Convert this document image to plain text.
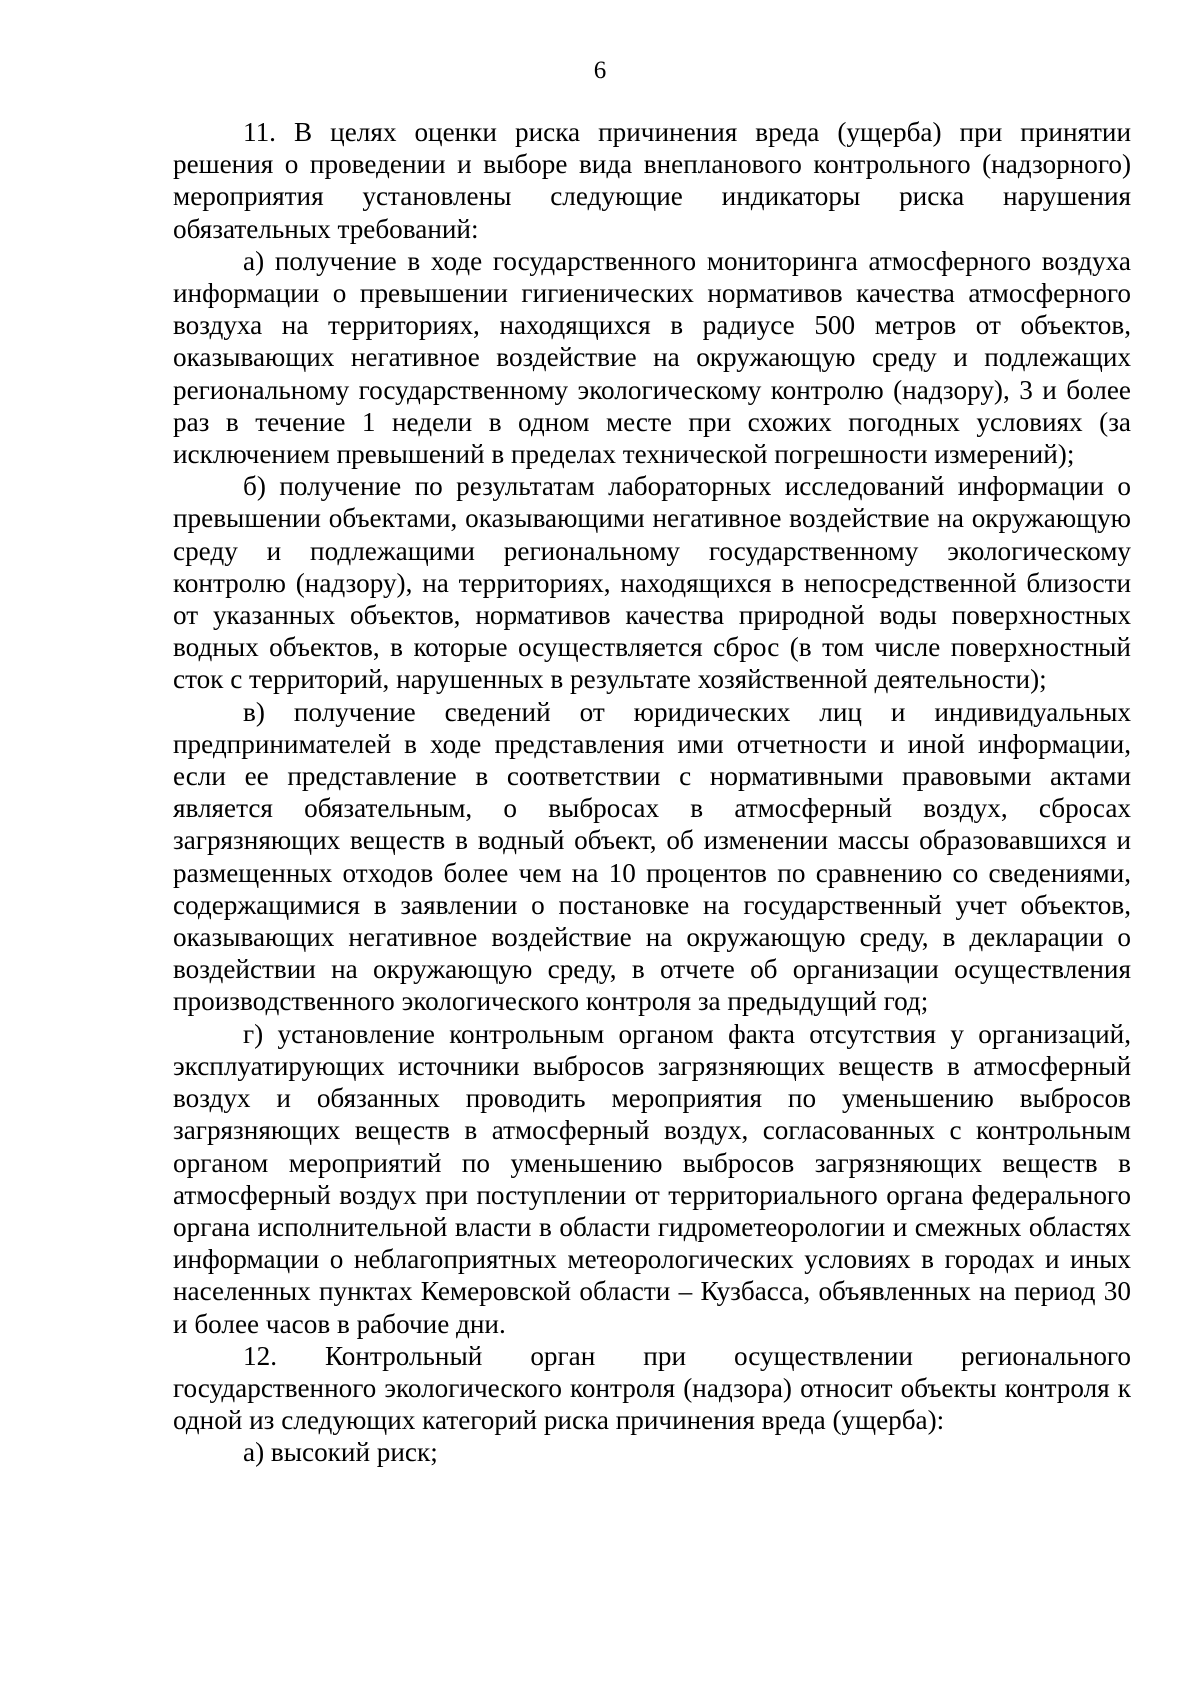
6

11. В целях оценки риска причинения вреда (ущерба) при принятии решения о проведении и выборе вида внепланового контрольного (надзорного) мероприятия установлены следующие индикаторы риска нарушения обязательных требований:

а) получение в ходе государственного мониторинга атмосферного воздуха информации о превышении гигиенических нормативов качества атмосферного воздуха на территориях, находящихся в радиусе 500 метров от объектов, оказывающих негативное воздействие на окружающую среду и подлежащих региональному государственному экологическому контролю (надзору), 3 и более раз в течение 1 недели в одном месте при схожих погодных условиях (за исключением превышений в пределах технической погрешности измерений);

б) получение по результатам лабораторных исследований информации о превышении объектами, оказывающими негативное воздействие на окружающую среду и подлежащими региональному государственному экологическому контролю (надзору), на территориях, находящихся в непосредственной близости от указанных объектов, нормативов качества природной воды поверхностных водных объектов, в которые осуществляется сброс (в том числе поверхностный сток с территорий, нарушенных в результате хозяйственной деятельности);

в) получение сведений от юридических лиц и индивидуальных предпринимателей в ходе представления ими отчетности и иной информации, если ее представление в соответствии с нормативными правовыми актами является обязательным, о выбросах в атмосферный воздух, сбросах загрязняющих веществ в водный объект, об изменении массы образовавшихся и размещенных отходов более чем на 10 процентов по сравнению со сведениями, содержащимися в заявлении о постановке на государственный учет объектов, оказывающих негативное воздействие на окружающую среду, в декларации о воздействии на окружающую среду, в отчете об организации осуществления производственного экологического контроля за предыдущий год;

г) установление контрольным органом факта отсутствия у организаций, эксплуатирующих источники выбросов загрязняющих веществ в атмосферный воздух и обязанных проводить мероприятия по уменьшению выбросов загрязняющих веществ в атмосферный воздух, согласованных с контрольным органом мероприятий по уменьшению выбросов загрязняющих веществ в атмосферный воздух при поступлении от территориального органа федерального органа исполнительной власти в области гидрометеорологии и смежных областях информации о неблагоприятных метеорологических условиях в городах и иных населенных пунктах Кемеровской области – Кузбасса, объявленных на период 30 и более часов в рабочие дни.

12. Контрольный орган при осуществлении регионального государственного экологического контроля (надзора) относит объекты контроля к одной из следующих категорий риска причинения вреда (ущерба):

а) высокий риск;
